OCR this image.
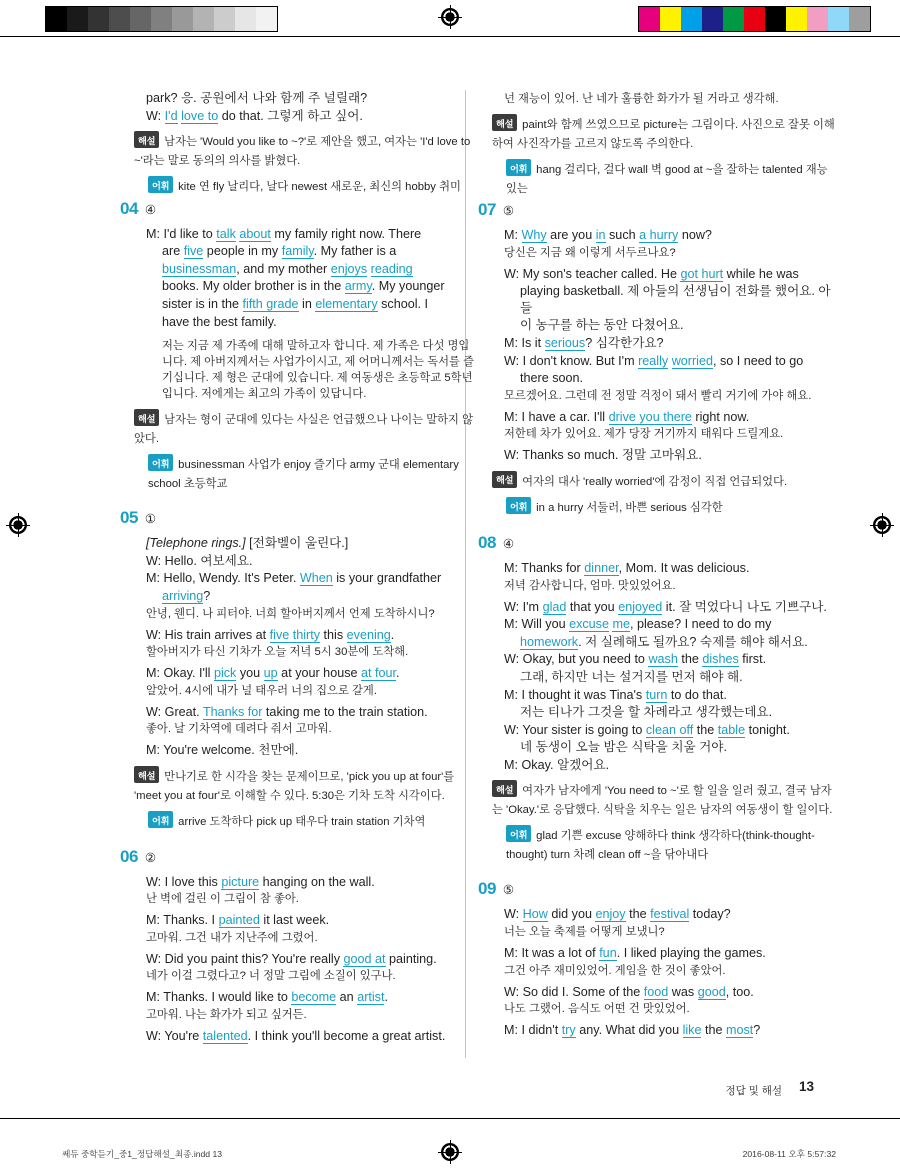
park? 응. 공원에서 나와 함께 주 널릴래?

W: I'd love to do that. 그렇게 하고 싶어.

해설 남자는 'Would you like to ~?'로 제안을 했고, 여자는 'I'd love to ~'라는 말로 동의의 의사를 밝혔다.
어휘 kite 연 fly 날리다, 날다 newest 새로운, 최신의 hobby 취미
04 ④

M: I'd like to talk about my family right now. There

are five people in my family. My father is a

businessman, and my mother enjoys reading

books. My older brother is in the army. My younger

sister is in the fifth grade in elementary school. I

have the best family.

저는 지금 제 가족에 대해 말하고자 합니다. 제 가족은 다섯 명입니다. 제 아버지께서는 사업가이시고, 제 어머니께서는 독서를 즐기십니다. 제 형은 군대에 있습니다. 제 여동생은 초등학교 5학년입니다. 저에게는 최고의 가족이 있답니다.

해설 남자는 형이 군대에 있다는 사실은 언급했으나 나이는 말하지 않았다.
어휘 businessman 사업가 enjoy 즐기다 army 군대 elementary school 초등학교
05 ①

[Telephone rings.] [전화벨이 울린다.]

W: Hello. 여보세요.

M: Hello, Wendy. It's Peter. When is your grandfather

arriving?

안녕, 웬디. 나 피터야. 너희 할아버지께서 언제 도착하시니?

W: His train arrives at five thirty this evening.

할아버지가 타신 기차가 오늘 저녁 5시 30분에 도착해.

M: Okay. I'll pick you up at your house at four.

알았어. 4시에 내가 널 태우러 너의 집으로 갈게.

W: Great. Thanks for taking me to the train station.

좋아. 날 기차역에 데려다 줘서 고마워.

M: You're welcome. 천만에.

해설 만나기로 한 시각을 찾는 문제이므로, 'pick you up at four'를 'meet you at four'로 이해할 수 있다. 5:30은 기차 도착 시각이다.
어휘 arrive 도착하다 pick up 태우다 train station 기차역
06 ②

W: I love this picture hanging on the wall.

난 벽에 걸린 이 그림이 참 좋아.

M: Thanks. I painted it last week.

고마워. 그건 내가 지난주에 그렸어.

W: Did you paint this? You're really good at painting.

네가 이걸 그렸다고? 너 정말 그림에 소질이 있구나.

M: Thanks. I would like to become an artist.

고마워. 나는 화가가 되고 싶거든.

W: You're talented. I think you'll become a great artist.

넌 재능이 있어. 난 네가 훌륭한 화가가 될 거라고 생각해.

해설 paint와 함께 쓰였으므로 picture는 그림이다. 사진으로 잘못 이해하여 사진작가를 고르지 않도록 주의한다.
어휘 hang 걸리다, 걸다 wall 벽 good at ~을 잘하는 talented 재능 있는
07 ⑤

M: Why are you in such a hurry now?

당신은 지금 왜 이렇게 서두르나요?

W: My son's teacher called. He got hurt while he was

playing basketball. 제 아들의 선생님이 전화를 했어요. 아들

이 농구를 하는 동안 다쳤어요.

M: Is it serious? 심각한가요?

W: I don't know. But I'm really worried, so I need to go

there soon.

모르겠어요. 그런데 전 정말 걱정이 돼서 빨리 거기에 가야 해요.

M: I have a car. I'll drive you there right now.

저한테 차가 있어요. 제가 당장 거기까지 태워다 드릴게요.

W: Thanks so much. 정말 고마워요.

해설 여자의 대사 'really worried'에 감정이 직접 언급되었다.
어휘 in a hurry 서둘러, 바쁜 serious 심각한
08 ④

M: Thanks for dinner, Mom. It was delicious.

저녁 감사합니다, 엄마. 맛있었어요.

W: I'm glad that you enjoyed it. 잘 먹었다니 나도 기쁘구나.

M: Will you excuse me, please? I need to do my

homework. 저 실례해도 될까요? 숙제를 해야 해서요.

W: Okay, but you need to wash the dishes first.

그래, 하지만 너는 설거지를 먼저 해야 해.

M: I thought it was Tina's turn to do that.

저는 티나가 그것을 할 차례라고 생각했는데요.

W: Your sister is going to clean off the table tonight.

네 동생이 오늘 밤은 식탁을 치울 거야.

M: Okay. 알겠어요.

해설 여자가 남자에게 'You need to ~'로 할 일을 일러 줬고, 결국 남자는 'Okay.'로 응답했다. 식탁을 치우는 일은 남자의 여동생이 할 일이다.
어휘 glad 기쁜 excuse 양해하다 think 생각하다(think-thought-thought) turn 차례 clean off ~을 닦아내다
09 ⑤

W: How did you enjoy the festival today?

너는 오늘 축제를 어떻게 보냈니?

M: It was a lot of fun. I liked playing the games.

그건 아주 재미있었어. 게임을 한 것이 좋았어.

W: So did I. Some of the food was good, too.

나도 그랬어. 음식도 어떤 건 맛있었어.

M: I didn't try any. What did you like the most?

정답 및 해설 13
쎄듀 중학듣기_중1_정답해설_최종.indd 13	2016-08-11 오후 5:57:32
